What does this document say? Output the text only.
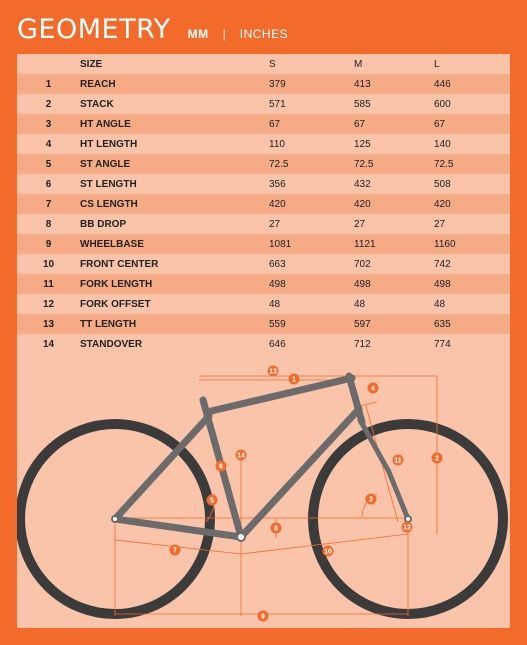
GEOMETRY MM | INCHES
	SIZE	S	M	L
1	REACH	379	413	446
2	STACK	571	585	600
3	HT ANGLE	67	67	67
4	HT LENGTH	110	125	140
5	ST ANGLE	72.5	72.5	72.5
6	ST LENGTH	356	432	508
7	CS LENGTH	420	420	420
8	BB DROP	27	27	27
9	WHEELBASE	1081	1121	1160
10	FRONT CENTER	663	702	742
11	FORK LENGTH	498	498	498
12	FORK OFFSET	48	48	48
13	TT LENGTH	559	597	635
14	STANDOVER	646	712	774
1
2
3
4
5
6
7
8
9
10
11
12
13
14
